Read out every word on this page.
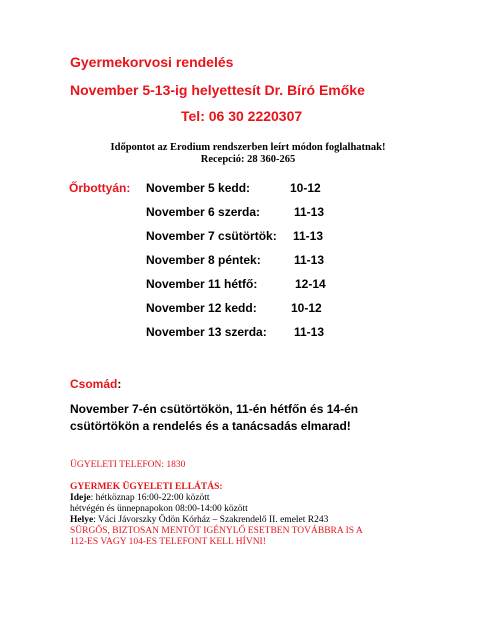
Gyermekorvosi rendelés
November 5-13-ig helyettesít Dr. Bíró Emőke
Tel: 06 30 2220307
Időpontot az Erodium rendszerben leírt módon foglalhatnak!
Recepció: 28 360-265
Őrbottyán: November 5 kedd:	10-12
November 6 szerda:	11-13
November 7 csütörtök: 11-13
November 8 péntek:	11-13
November 11 hétfő:	12-14
November 12 kedd:	10-12
November 13 szerda: 11-13
Csomád:
November 7-én csütörtökön, 11-én hétfőn és 14-én csütörtökön a rendelés és a tanácsadás elmarad!
ÜGYELETI TELEFON: 1830
GYERMEK ÜGYELETI ELLÁTÁS:
Ideje: hétköznap 16:00-22:00 között
hétvégén és ünnepnapokon 08:00-14:00 között
Helye: Váci Jávorszky Ödön Kórház – Szakrendelő II. emelet R243
SÜRGŐS, BIZTOSAN MENTŐT IGÉNYLŐ ESETBEN TOVÁBBRA IS A
112-ES VAGY 104-ES TELEFONT KELL HÍVNI!
